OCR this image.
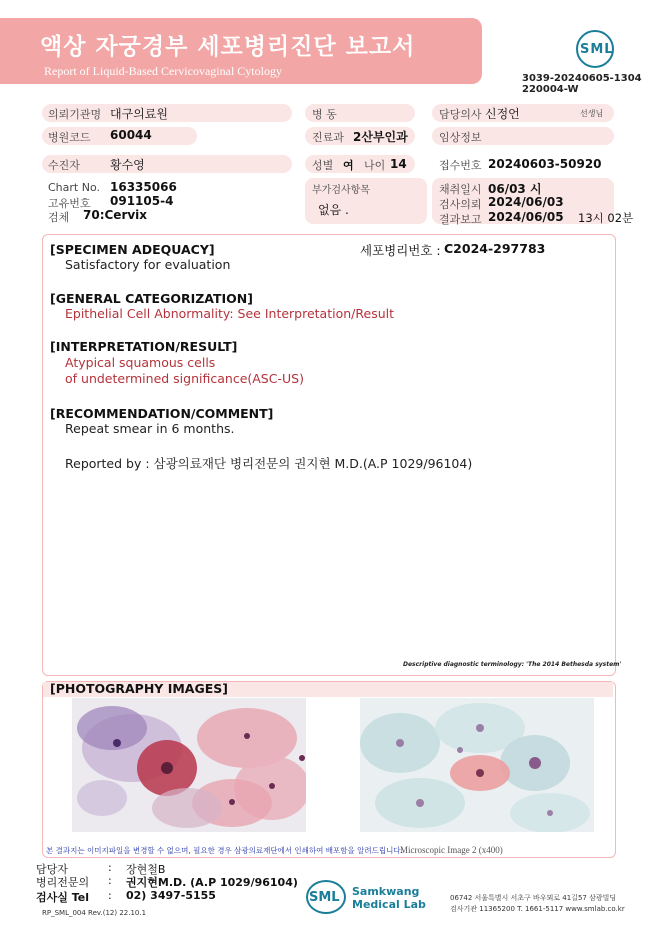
액상 자궁경부 세포병리진단 보고서
Report of Liquid-Based Cervicovaginal Cytology
SML
3039-20240605-1304
220004-W
의뢰기관명 대구의료원
병원코드 60044
수진자	황수영
Chart No. 16335066
고유번호 091105-4
검체 70:Cervix
병 동
진료과 2산부인과
성별 여 나이 14
부가검사항목
없음 .
담당의사 신정언	선생님
임상정보
접수번호 20240603-50920
채취일시 06/03 시
검사의뢰 2024/06/03
결과보고 2024/06/05 13시 02분
[SPECIMEN ADEQUACY]	세포병리번호 : C2024-297783
Satisfactory for evaluation
[GENERAL CATEGORIZATION]
Epithelial Cell Abnormality: See Interpretation/Result
[INTERPRETATION/RESULT]
Atypical squamous cells
of undetermined significance(ASC-US)
[RECOMMENDATION/COMMENT]
Repeat smear in 6 months.
Reported by : 삼광의료재단 병리전문의 권지현 M.D.(A.P 1029/96104)
Descriptive diagnostic terminology: 'The 2014 Bethesda system'
[PHOTOGRAPHY IMAGES]
Microscopic Image 2 (x400)
본 결과지는 이미지파일을 변경할 수 없으며, 필요한 경우 삼광의료재단에서 인쇄하여 배포함을 알려드립니다.
담당자	: 장현철B
병리전문의 : 권지현M.D. (A.P 1029/96104)
검사실 Tel : 02) 3497-5155
RP_SML_004 Rev.(12) 22.10.1
SML Samkwang
Medical Lab	06742 서울특별시 서초구 바우뫼로 41길57 삼광빌딩
검사기관 11365200 T. 1661-5117 www.smlab.co.kr
